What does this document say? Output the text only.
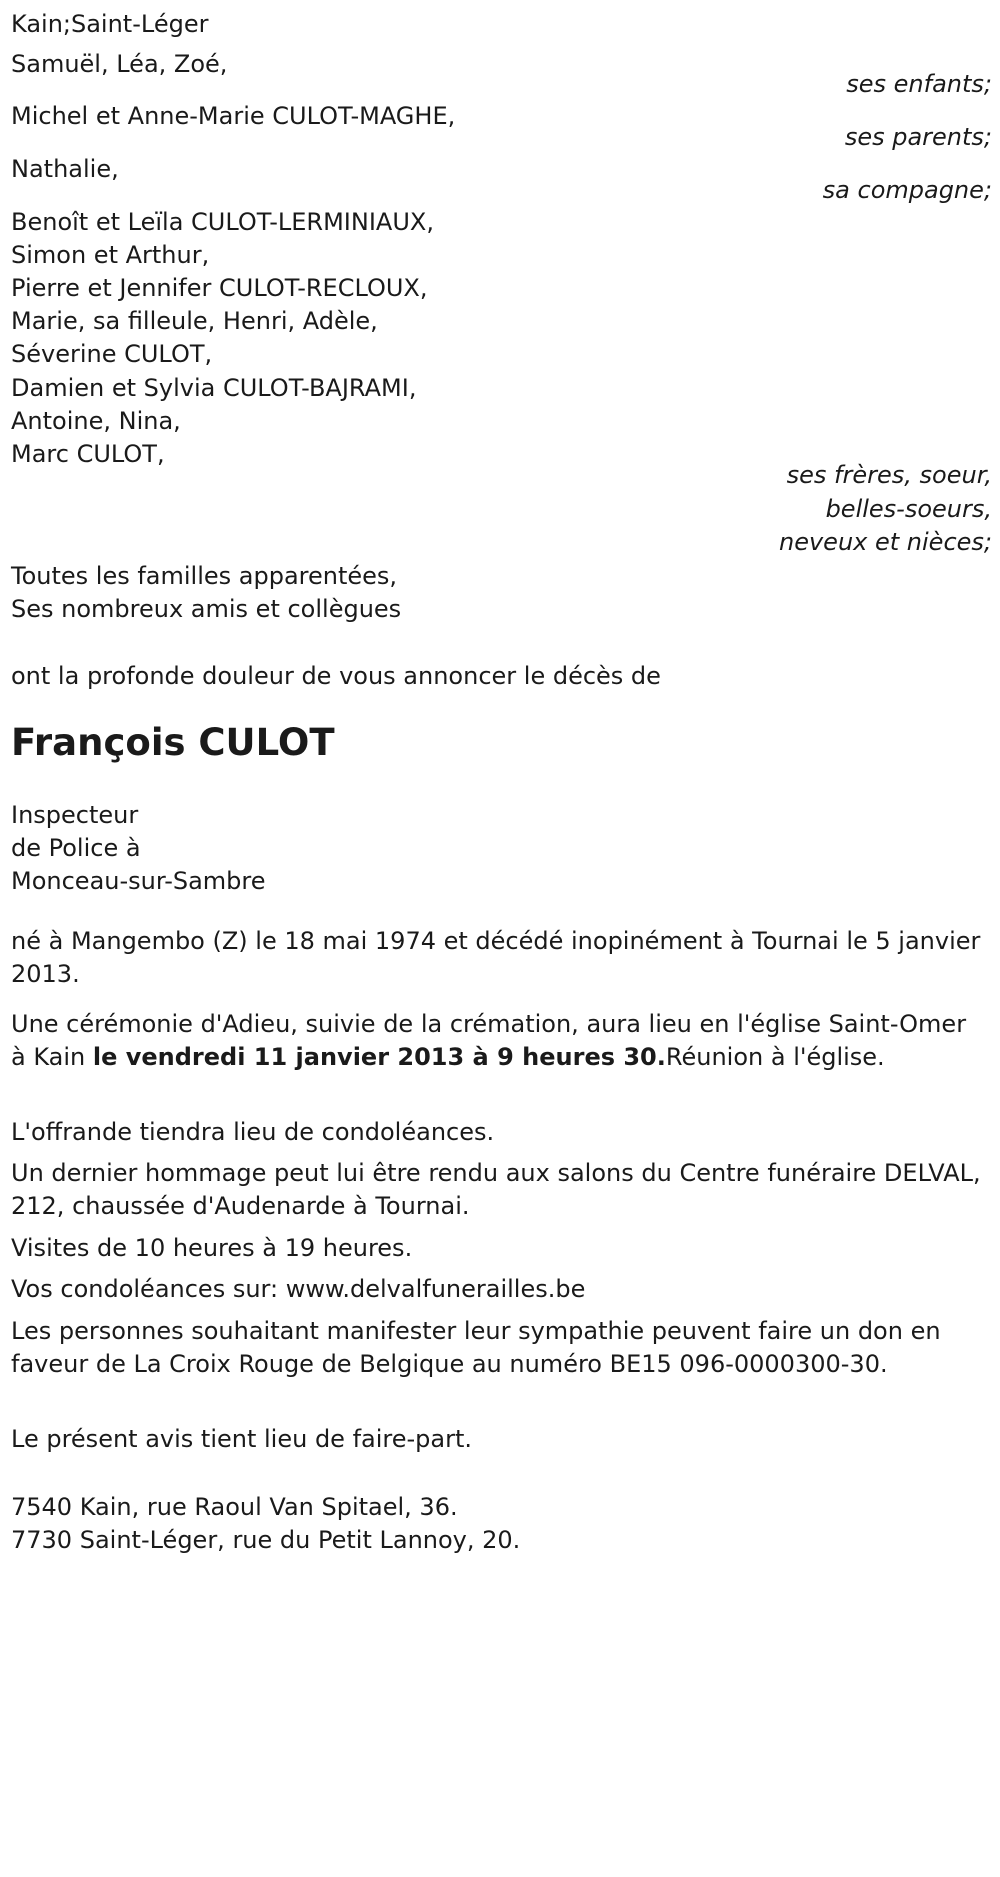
Kain;Saint-Léger
Samuël, Léa, Zoé,
ses enfants;
Michel et Anne-Marie CULOT-MAGHE,
ses parents;
Nathalie,
sa compagne;
Benoît et Leïla CULOT-LERMINIAUX,
Simon et Arthur,
Pierre et Jennifer CULOT-RECLOUX,
Marie, sa filleule, Henri, Adèle,
Séverine CULOT,
Damien et Sylvia CULOT-BAJRAMI,
Antoine, Nina,
Marc CULOT,
ses frères, soeur,
belles-soeurs,
neveux et nièces;
Toutes les familles apparentées,
Ses nombreux amis et collègues
ont la profonde douleur de vous annoncer le décès de
François CULOT
Inspecteur
de Police à
Monceau-sur-Sambre
né à Mangembo (Z) le 18 mai 1974 et décédé inopinément à Tournai le 5 janvier 2013.
Une cérémonie d'Adieu, suivie de la crémation, aura lieu en l'église Saint-Omer à Kain le vendredi 11 janvier 2013 à 9 heures 30.Réunion à l'église.
L'offrande tiendra lieu de condoléances.
Un dernier hommage peut lui être rendu aux salons du Centre funéraire DELVAL, 212, chaussée d'Audenarde à Tournai.
Visites de 10 heures à 19 heures.
Vos condoléances sur: www.delvalfunerailles.be
Les personnes souhaitant manifester leur sympathie peuvent faire un don en faveur de La Croix Rouge de Belgique au numéro BE15 096-0000300-30.
Le présent avis tient lieu de faire-part.
7540 Kain, rue Raoul Van Spitael, 36.
7730 Saint-Léger, rue du Petit Lannoy, 20.
